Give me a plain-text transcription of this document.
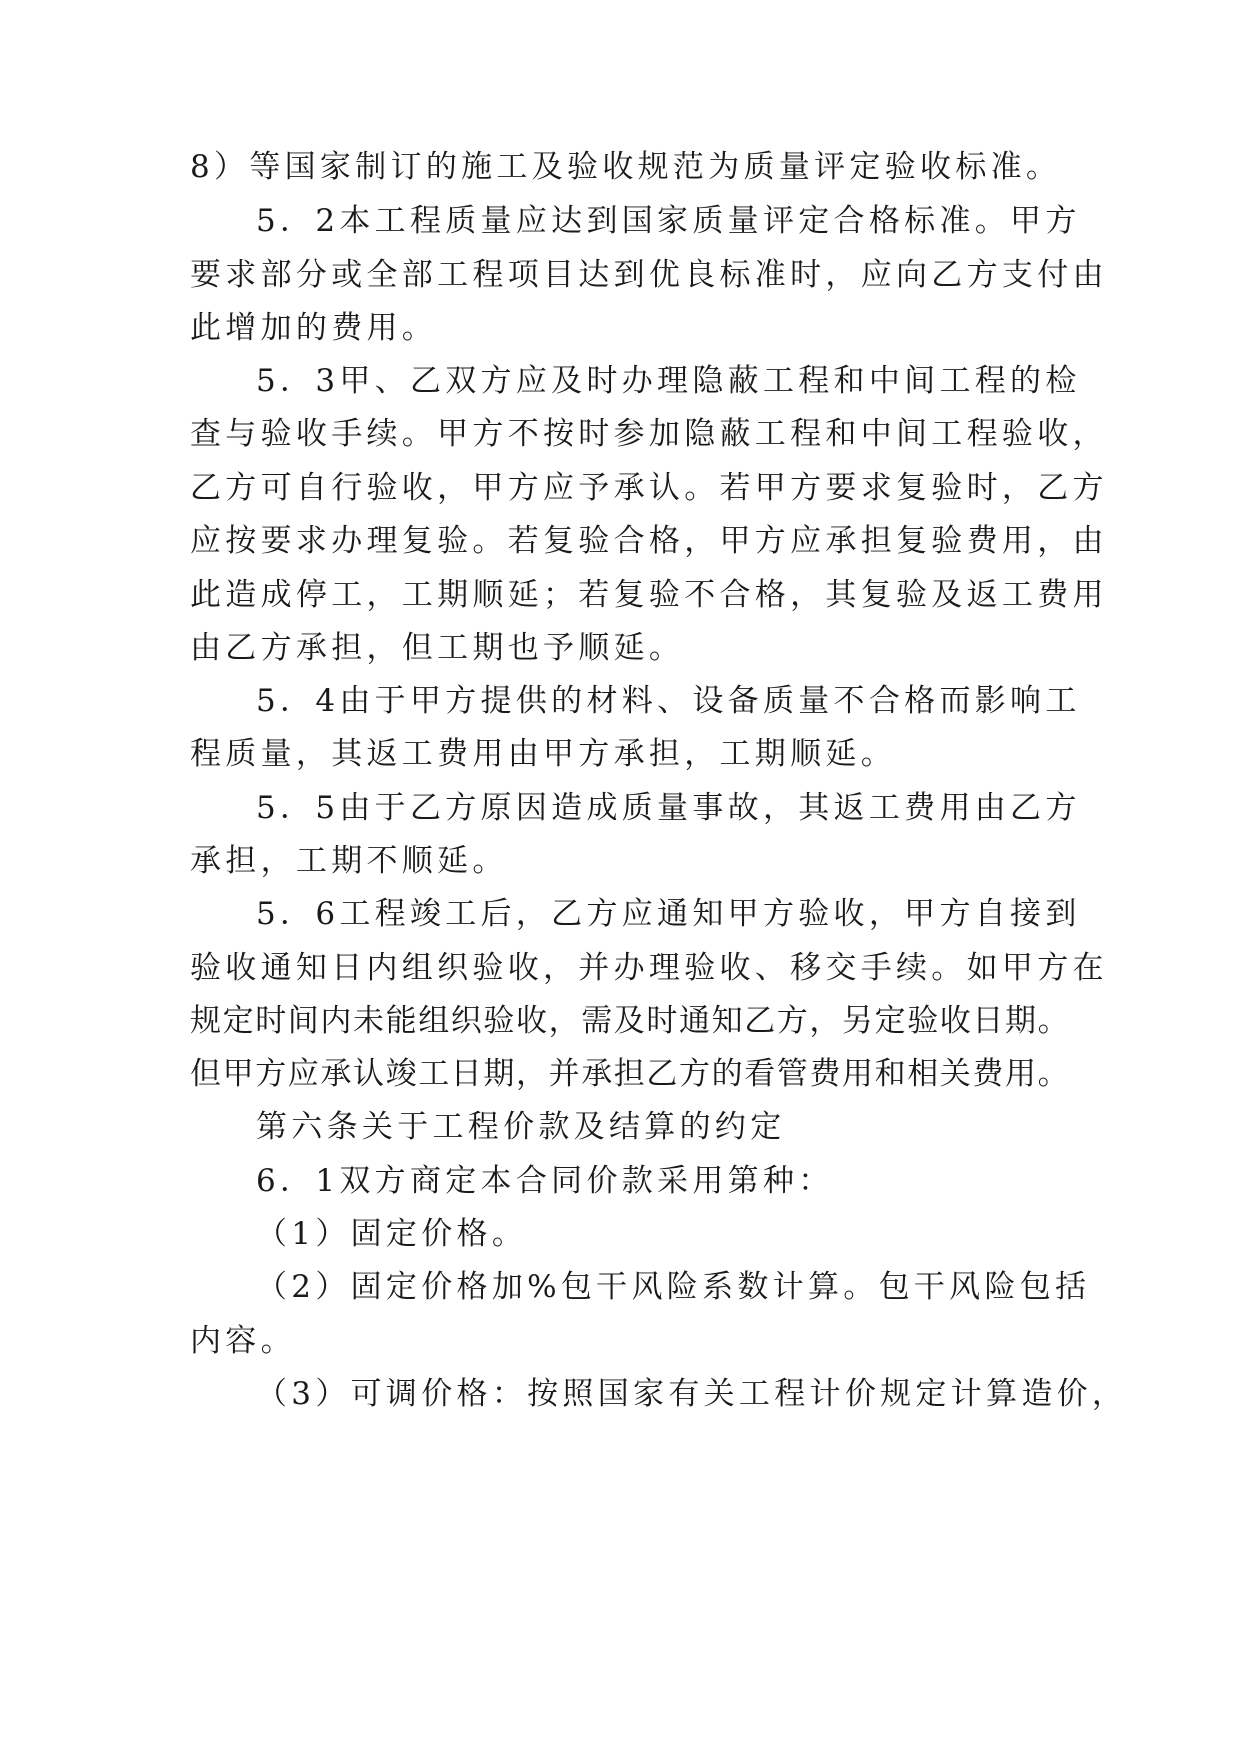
8）等国家制订的施工及验收规范为质量评定验收标准。
5．2本工程质量应达到国家质量评定合格标准。甲方
要求部分或全部工程项目达到优良标准时，应向乙方支付由
此增加的费用。
5．3甲、乙双方应及时办理隐蔽工程和中间工程的检
查与验收手续。甲方不按时参加隐蔽工程和中间工程验收，
乙方可自行验收，甲方应予承认。若甲方要求复验时，乙方
应按要求办理复验。若复验合格，甲方应承担复验费用，由
此造成停工，工期顺延；若复验不合格，其复验及返工费用
由乙方承担，但工期也予顺延。
5．4由于甲方提供的材料、设备质量不合格而影响工
程质量，其返工费用由甲方承担，工期顺延。
5．5由于乙方原因造成质量事故，其返工费用由乙方
承担，工期不顺延。
5．6工程竣工后，乙方应通知甲方验收，甲方自接到
验收通知日内组织验收，并办理验收、移交手续。如甲方在
规定时间内未能组织验收，需及时通知乙方，另定验收日期。
但甲方应承认竣工日期，并承担乙方的看管费用和相关费用。
第六条关于工程价款及结算的约定
6．1双方商定本合同价款采用第种：
（1）固定价格。
（2）固定价格加%包干风险系数计算。包干风险包括
内容。
（3）可调价格：按照国家有关工程计价规定计算造价，
